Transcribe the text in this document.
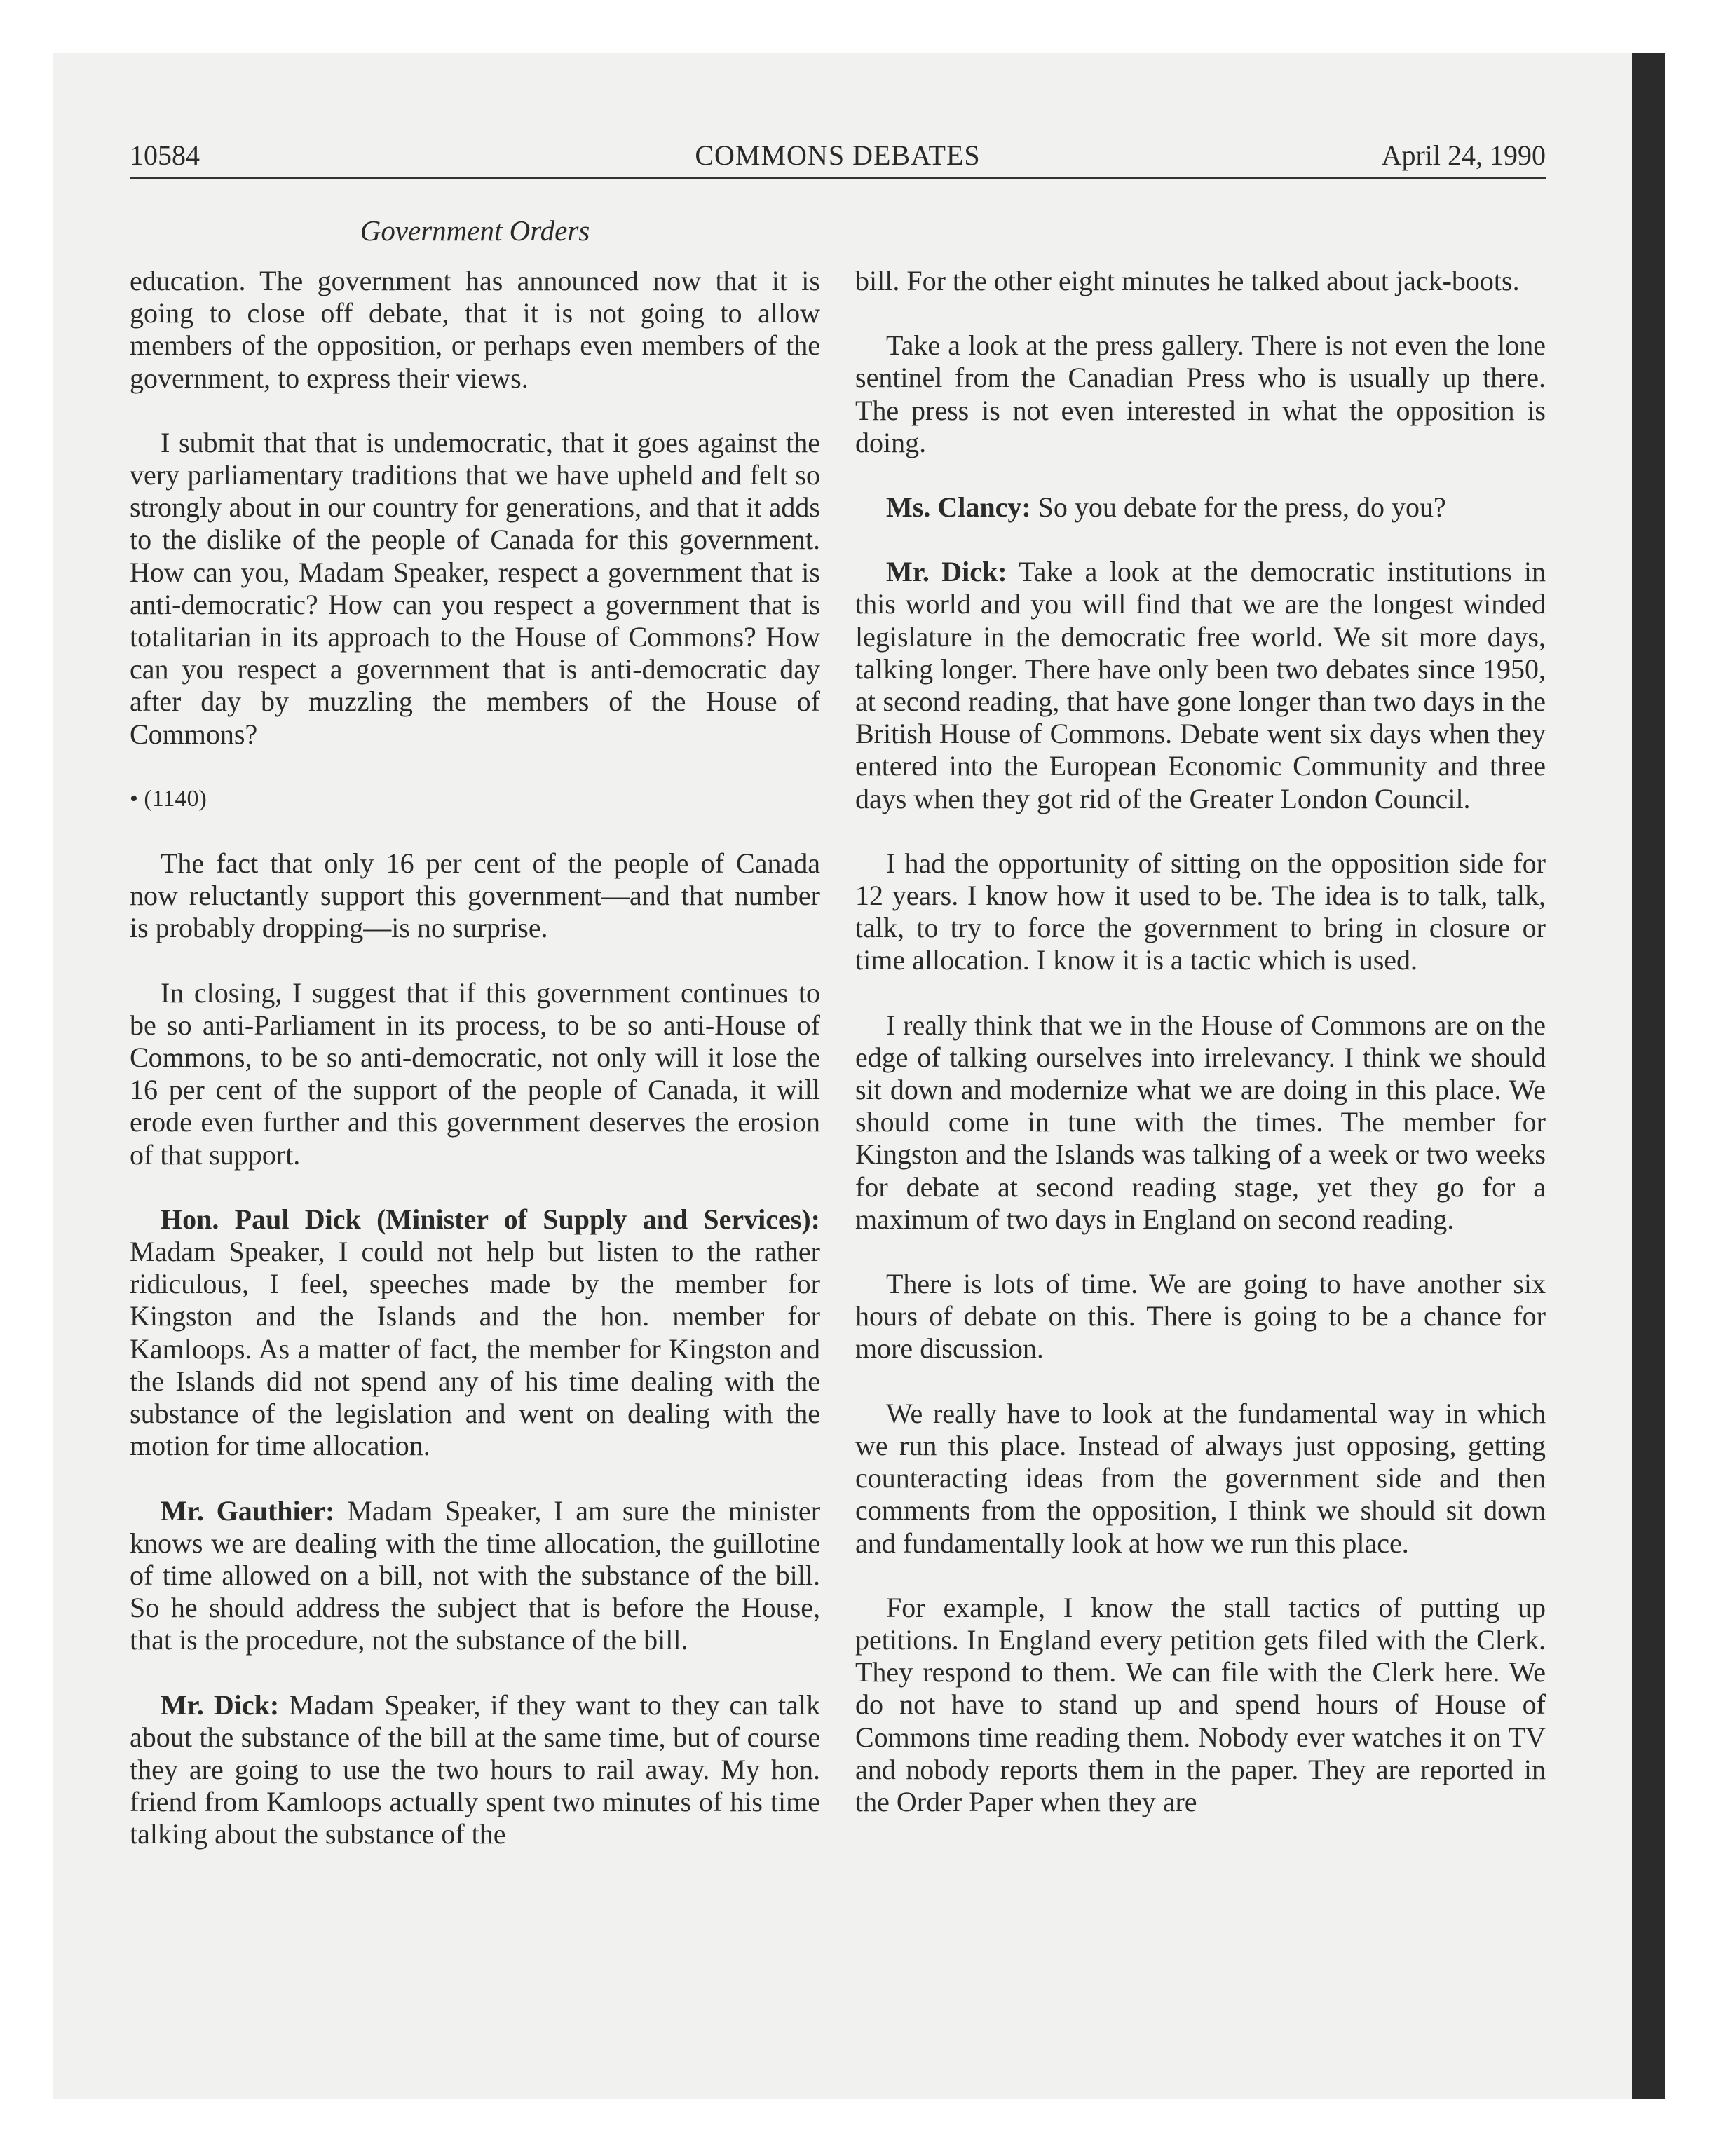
10584	COMMONS DEBATES	April 24, 1990
Government Orders

education. The government has announced now that it is going to close off debate, that it is not going to allow members of the opposition, or perhaps even members of the government, to express their views.

I submit that that is undemocratic, that it goes against the very parliamentary traditions that we have upheld and felt so strongly about in our country for generations, and that it adds to the dislike of the people of Canada for this government. How can you, Madam Speaker, respect a government that is anti-democratic? How can you respect a government that is totalitarian in its approach to the House of Commons? How can you respect a government that is anti-democratic day after day by muzzling the members of the House of Commons?

• (1140)

The fact that only 16 per cent of the people of Canada now reluctantly support this government—and that number is probably dropping—is no surprise.

In closing, I suggest that if this government continues to be so anti-Parliament in its process, to be so anti-House of Commons, to be so anti-democratic, not only will it lose the 16 per cent of the support of the people of Canada, it will erode even further and this government deserves the erosion of that support.

Hon. Paul Dick (Minister of Supply and Services): Madam Speaker, I could not help but listen to the rather ridiculous, I feel, speeches made by the member for Kingston and the Islands and the hon. member for Kamloops. As a matter of fact, the member for Kingston and the Islands did not spend any of his time dealing with the substance of the legislation and went on dealing with the motion for time allocation.

Mr. Gauthier: Madam Speaker, I am sure the minister knows we are dealing with the time allocation, the guillotine of time allowed on a bill, not with the substance of the bill. So he should address the subject that is before the House, that is the procedure, not the substance of the bill.

Mr. Dick: Madam Speaker, if they want to they can talk about the substance of the bill at the same time, but of course they are going to use the two hours to rail away. My hon. friend from Kamloops actually spent two minutes of his time talking about the substance of the

bill. For the other eight minutes he talked about jack-boots.

Take a look at the press gallery. There is not even the lone sentinel from the Canadian Press who is usually up there. The press is not even interested in what the opposition is doing.

Ms. Clancy: So you debate for the press, do you?

Mr. Dick: Take a look at the democratic institutions in this world and you will find that we are the longest winded legislature in the democratic free world. We sit more days, talking longer. There have only been two debates since 1950, at second reading, that have gone longer than two days in the British House of Commons. Debate went six days when they entered into the European Economic Community and three days when they got rid of the Greater London Council.

I had the opportunity of sitting on the opposition side for 12 years. I know how it used to be. The idea is to talk, talk, talk, to try to force the government to bring in closure or time allocation. I know it is a tactic which is used.

I really think that we in the House of Commons are on the edge of talking ourselves into irrelevancy. I think we should sit down and modernize what we are doing in this place. We should come in tune with the times. The member for Kingston and the Islands was talking of a week or two weeks for debate at second reading stage, yet they go for a maximum of two days in England on second reading.

There is lots of time. We are going to have another six hours of debate on this. There is going to be a chance for more discussion.

We really have to look at the fundamental way in which we run this place. Instead of always just opposing, getting counteracting ideas from the government side and then comments from the opposition, I think we should sit down and fundamentally look at how we run this place.

For example, I know the stall tactics of putting up petitions. In England every petition gets filed with the Clerk. They respond to them. We can file with the Clerk here. We do not have to stand up and spend hours of House of Commons time reading them. Nobody ever watches it on TV and nobody reports them in the paper. They are reported in the Order Paper when they are
